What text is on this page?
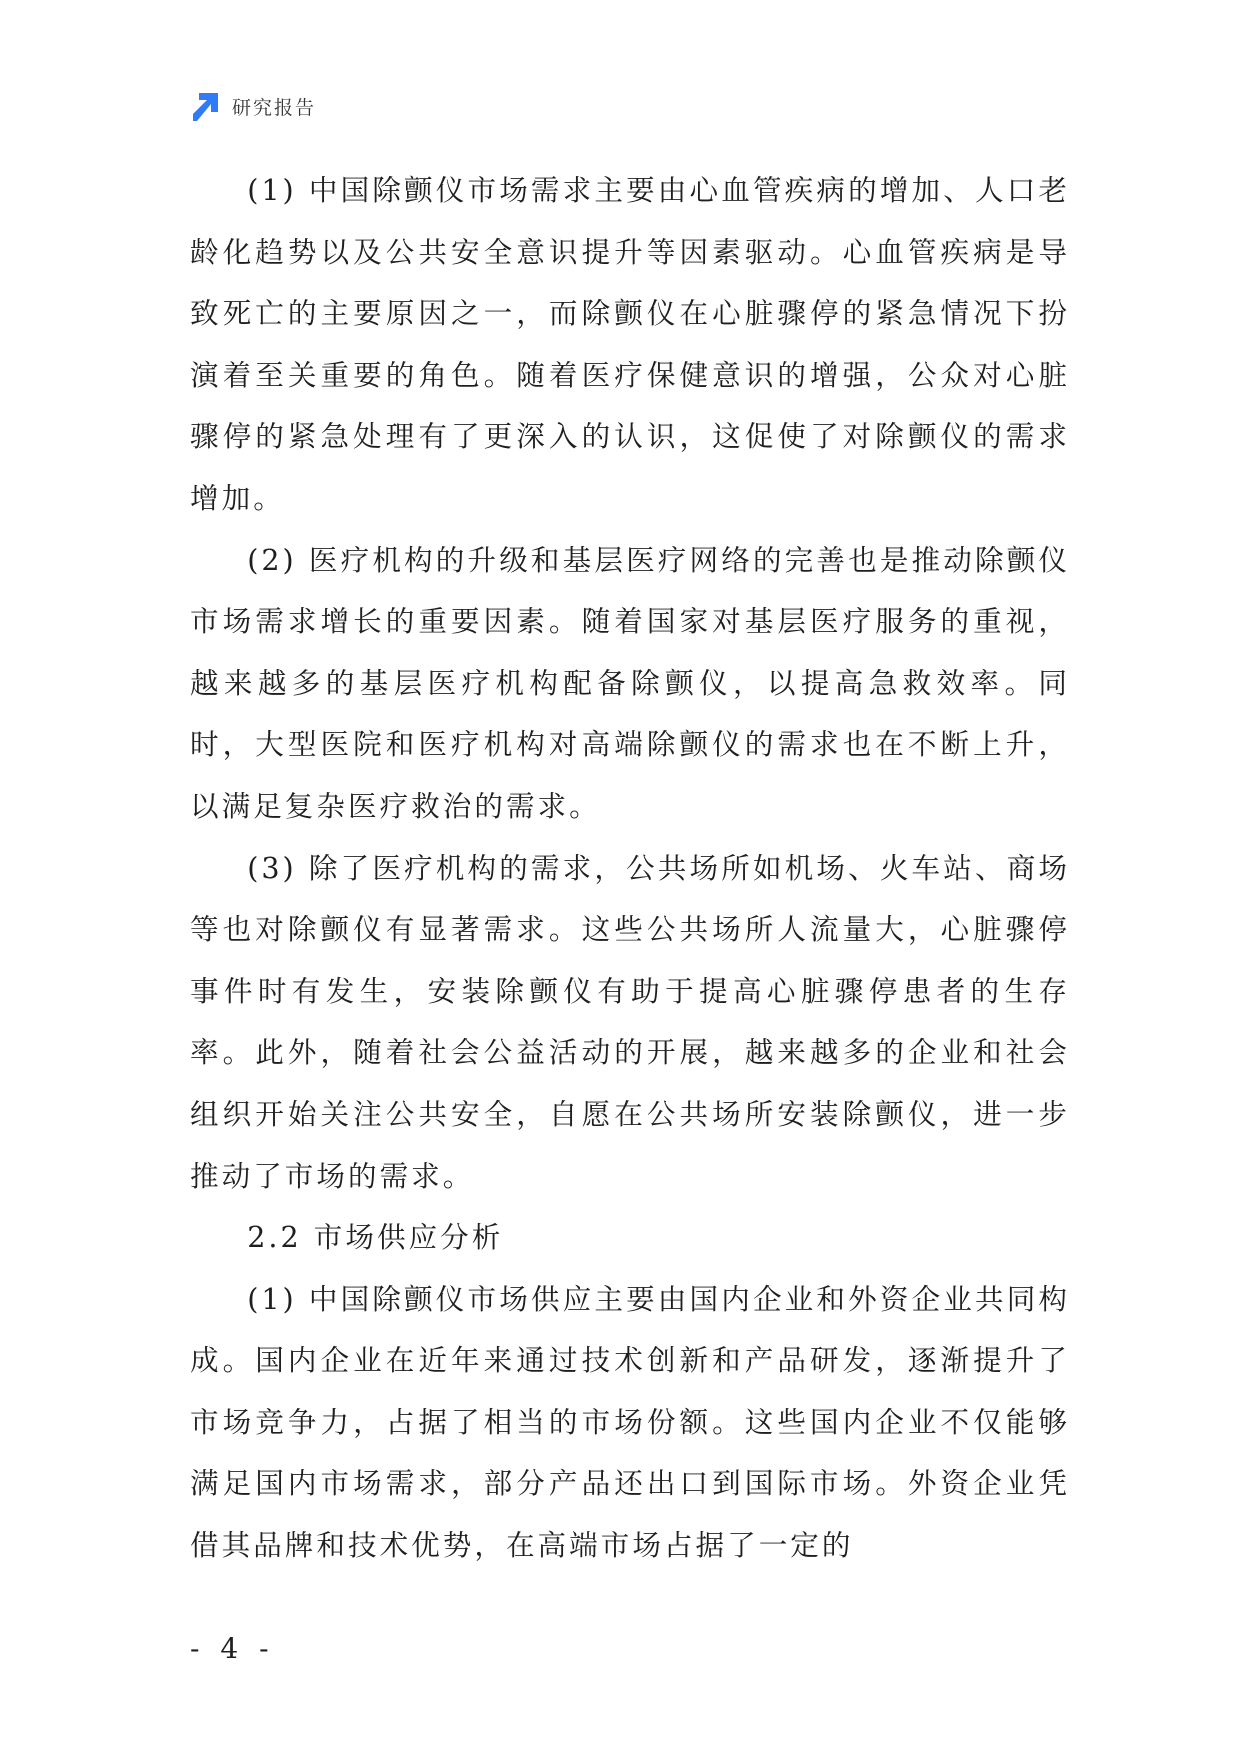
研究报告

(1) 中国除颤仪市场需求主要由心血管疾病的增加、人口老龄化趋势以及公共安全意识提升等因素驱动。心血管疾病是导致死亡的主要原因之一，而除颤仪在心脏骤停的紧急情况下扮演着至关重要的角色。随着医疗保健意识的增强，公众对心脏骤停的紧急处理有了更深入的认识，这促使了对除颤仪的需求增加。

(2) 医疗机构的升级和基层医疗网络的完善也是推动除颤仪市场需求增长的重要因素。随着国家对基层医疗服务的重视，越来越多的基层医疗机构配备除颤仪，以提高急救效率。同时，大型医院和医疗机构对高端除颤仪的需求也在不断上升，以满足复杂医疗救治的需求。

(3) 除了医疗机构的需求，公共场所如机场、火车站、商场等也对除颤仪有显著需求。这些公共场所人流量大，心脏骤停事件时有发生，安装除颤仪有助于提高心脏骤停患者的生存率。此外，随着社会公益活动的开展，越来越多的企业和社会组织开始关注公共安全，自愿在公共场所安装除颤仪，进一步推动了市场的需求。

2.2 市场供应分析

(1) 中国除颤仪市场供应主要由国内企业和外资企业共同构成。国内企业在近年来通过技术创新和产品研发，逐渐提升了市场竞争力，占据了相当的市场份额。这些国内企业不仅能够满足国内市场需求，部分产品还出口到国际市场。外资企业凭借其品牌和技术优势，在高端市场占据了一定的

- 4 -
